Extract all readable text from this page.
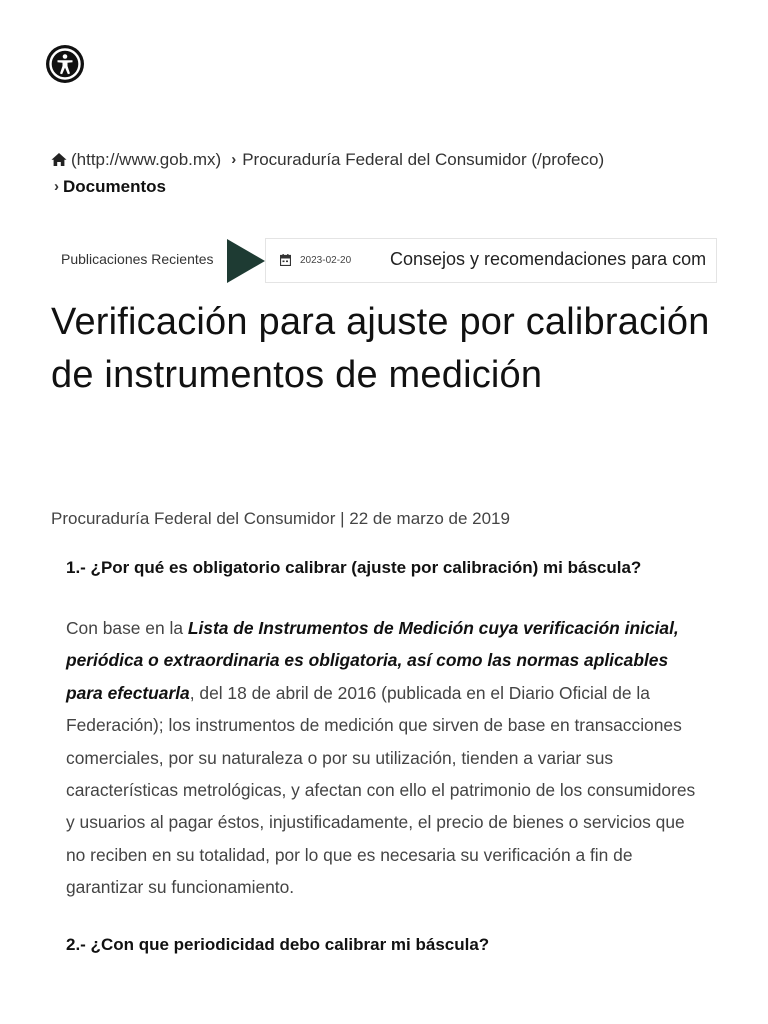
(http://www.gob.mx) › Procuraduría Federal del Consumidor (/profeco)
› Documentos
Publicaciones Recientes	2023-02-20 Consejos y recomendaciones para com
Verificación para ajuste por calibración de instrumentos de medición
Procuraduría Federal del Consumidor | 22 de marzo de 2019
1.- ¿Por qué es obligatorio calibrar (ajuste por calibración) mi báscula?

Con base en la Lista de Instrumentos de Medición cuya verificación inicial, periódica o extraordinaria es obligatoria, así como las normas aplicables para efectuarla, del 18 de abril de 2016 (publicada en el Diario Oficial de la Federación); los instrumentos de medición que sirven de base en transacciones comerciales, por su naturaleza o por su utilización, tienden a variar sus características metrológicas, y afectan con ello el patrimonio de los consumidores y usuarios al pagar éstos, injustificadamente, el precio de bienes o servicios que no reciben en su totalidad, por lo que es necesaria su verificación a fin de garantizar su funcionamiento.

2.- ¿Con que periodicidad debo calibrar mi báscula?
